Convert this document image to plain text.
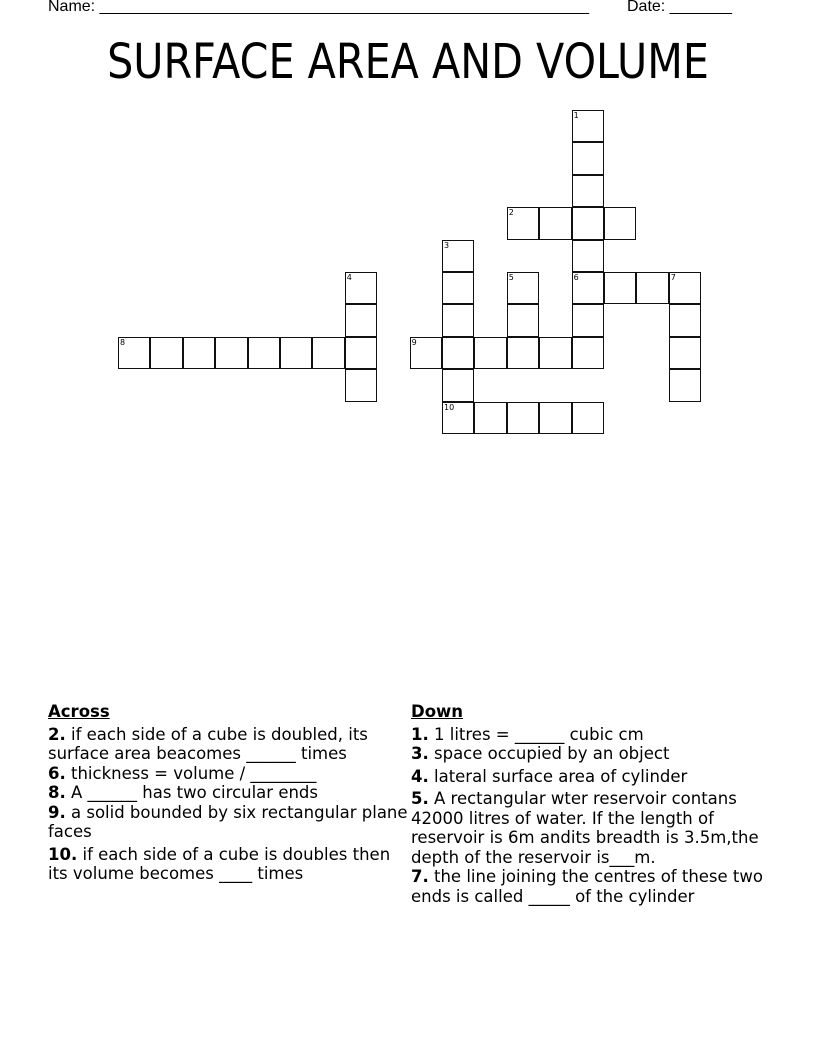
Name: _______________________________________________________ Date: _______
SURFACE AREA AND VOLUME
1
6
2
3
10
4	5	7
8	9
Across
2. if each side of a cube is doubled, its surface area beacomes ______ times
6. thickness = volume / ________
8. A ______ has two circular ends
9. a solid bounded by six rectangular plane faces
10. if each side of a cube is doubles then its volume becomes ____ times
Down
1. 1 litres = ______ cubic cm
3. space occupied by an object
4. lateral surface area of cylinder
5. A rectangular wter reservoir contans 42000 litres of water. If the length of reservoir is 6m andits breadth is 3.5m,the depth of the reservoir is___m.
7. the line joining the centres of these two ends is called _____ of the cylinder
